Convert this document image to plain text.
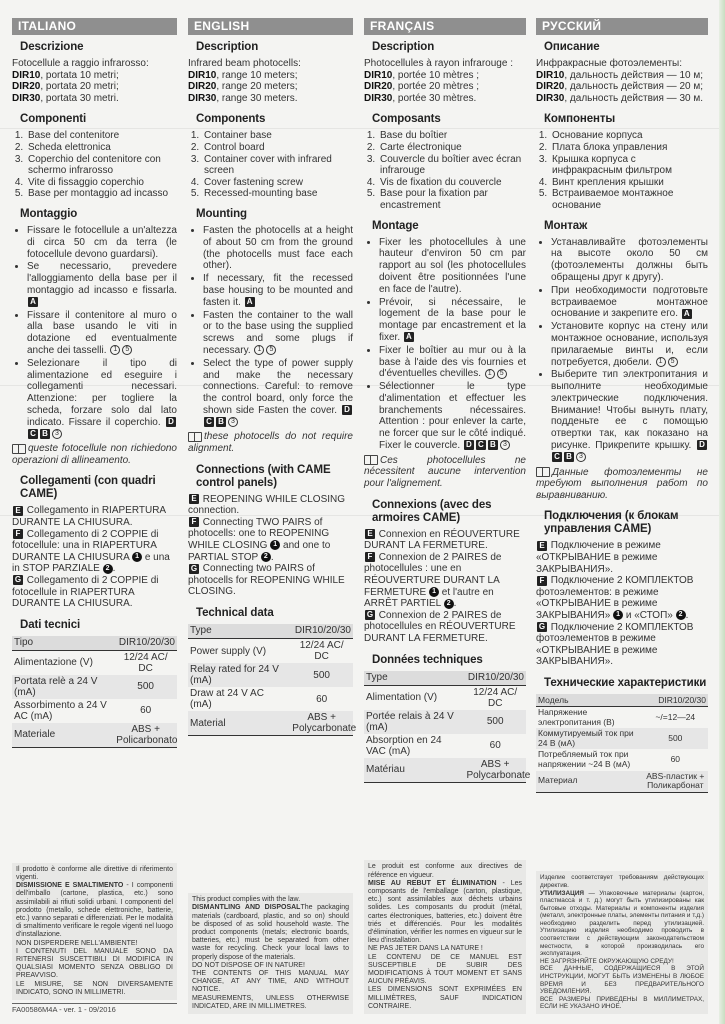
ITALIANO
Descrizione
Fotocellule a raggio infrarosso:
DIR10, portata 10 metri;
DIR20, portata 20 metri;
DIR30, portata 30 metri.
Componenti
1. Base del contenitore
2. Scheda elettronica
3. Coperchio del contenitore con schermo infrarosso
4. Vite di fissaggio coperchio
5. Base per montaggio ad incasso
Montaggio
• Fissare le fotocellule a un'altezza di circa 50 cm da terra (le fotocellule devono guardarsi).
• Se necessario, prevedere l'alloggiamento della base per il montaggio ad incasso e fissarla. A
• Fissare il contenitore al muro o alla base usando le viti in dotazione ed eventualmente anche dei tasselli. 1 5
• Selezionare il tipo di alimentazione ed eseguire i collegamenti necessari. Attenzione: per togliere la scheda, forzare solo dal lato indicato. Fissare il coperchio. DC B 3
queste fotocellule non richiedono operazioni di allineamento.
Collegamenti (con quadri CAME)
E Collegamento in RIAPERTURA DURANTE LA CHIUSURA.
F Collegamento di 2 COPPIE di fotocellule: una in RIAPERTURA DURANTE LA CHIUSURA 1 e una in STOP PARZIALE 2 .
G Collegamento di 2 COPPIE di fotocellule in RIAPERTURA DURANTE LA CHIUSURA.
Dati tecnici
Tipo	DIR10/20/30
Alimentazione (V)	12/24 AC/ DC
Portata relè a 24 V (mA)	500
Assorbimento a 24 V AC (mA)	60
Materiale	ABS + Policarbonato
Il prodotto è conforme alle direttive di riferimento vigenti.
DISMISSIONE E SMALTIMENTO - I componenti dell'imballo (cartone, plastica, etc.) sono assimilabili ai rifiuti solidi urbani. I componenti del prodotto (metallo, schede elettroniche, batterie, etc.) vanno separati e differenziati. Per le modalità di smaltimento verificare le regole vigenti nel luogo d'installazione.
NON DISPERDERE NELL'AMBIENTE!
I CONTENUTI DEL MANUALE SONO DA RITENERSI SUSCETTIBILI DI MODIFICA IN QUALSIASI MOMENTO SENZA OBBLIGO DI PREAVVISO.
LE MISURE, SE NON DIVERSAMENTE INDICATO, SONO IN MILLIMETRI.
FA00586M4A - ver. 1 - 09/2016
ENGLISH
Description
Infrared beam photocells:
DIR10, range 10 meters;
DIR20, range 20 meters;
DIR30, range 30 meters.
Components
1. Container base
2. Control board
3. Container cover with infrared screen
4. Cover fastening screw
5. Recessed-mounting base
Mounting
• Fasten the photocells at a height of about 50 cm from the ground (the photocells must face each other).
• If necessary, fit the recessed base housing to be mounted and fasten it. A
• Fasten the container to the wall or to the base using the supplied screws and some plugs if necessary. 1 5
• Select the type of power supply and make the necessary connections. Careful: to remove the control board, only force the shown side Fasten the cover. DC B 3
these photocells do not require alignment.
Connections (with CAME control panels)
E REOPENING WHILE CLOSING connection.
F Connecting TWO PAIRS of photocells: one to REOPENING WHILE CLOSING 1 and one to PARTIAL STOP 2 .
G Connecting two PAIRS of photocells for REOPENING WHILE CLOSING.
Technical data
Type	DIR10/20/30
Power supply (V)	12/24 AC/ DC
Relay rated for 24 V (mA)	500
Draw at 24 V AC (mA)	60
Material	ABS + Polycarbonate
This product complies with the law.
DISMANTLING AND DISPOSALThe packaging materials (cardboard, plastic, and so on) should be disposed of as solid household waste. The product components (metals; electronic boards, batteries, etc.) must be separated from other waste for recycling. Check your local laws to properly dispose of the materials.
DO NOT DISPOSE OF IN NATURE!
THE CONTENTS OF THIS MANUAL MAY CHANGE, AT ANY TIME, AND WITHOUT NOTICE.
MEASUREMENTS, UNLESS OTHERWISE INDICATED, ARE IN MILLIMETRES.
FRANÇAIS
Description
Photocellules à rayon infrarouge :
DIR10, portée 10 mètres ;
DIR20, portée 20 mètres ;
DIR30, portée 30 mètres.
Composants
1. Base du boîtier
2. Carte électronique
3. Couvercle du boîtier avec écran infrarouge
4. Vis de fixation du couvercle
5. Base pour la fixation par encastrement
Montage
• Fixer les photocellules à une hauteur d'environ 50 cm par rapport au sol (les photocellules doivent être positionnées l'une en face de l'autre).
• Prévoir, si nécessaire, le logement de la base pour le montage par encastrement et la fixer. A
• Fixer le boîtier au mur ou à la base à l'aide des vis fournies et d'éventuelles chevilles. 1 5
• Sélectionner le type d'alimentation et effectuer les branchements nécessaires. Attention : pour enlever la carte, ne forcer que sur le côté indiqué. Fixer le couvercle. D C B 3
Ces photocellules ne nécessitent aucune intervention pour l'alignement.
Connexions (avec des armoires CAME)
E Connexion en RÉOUVERTURE DURANT LA FERMETURE.
F Connexion de 2 PAIRES de photocellules : une en RÉOUVERTURE DURANT LA FERMETURE 1 et l'autre en ARRÊT PARTIEL 2 .
G Connexion de 2 PAIRES de photocellules en RÉOUVERTURE DURANT LA FERMETURE.
Données techniques
Type	DIR10/20/30
Alimentation (V)	12/24 AC/ DC
Portée relais à 24 V (mA)	500
Absorption en 24 VAC (mA)	60
Matériau	ABS + Polycarbonate
Le produit est conforme aux directives de référence en vigueur.
MISE AU REBUT ET ÉLIMINATION - Les composants de l'emballage (carton, plastique, etc.) sont assimilables aux déchets urbains solides. Les composants du produit (métal, cartes électroniques, batteries, etc.) doivent être triés et différenciés. Pour les modalités d'élimination, vérifier les normes en vigueur sur le lieu d'installation.
NE PAS JETER DANS LA NATURE !
LE CONTENU DE CE MANUEL EST SUSCEPTIBLE DE SUBIR DES MODIFICATIONS À TOUT MOMENT ET SANS AUCUN PRÉAVIS.
LES DIMENSIONS SONT EXPRIMÉES EN MILLIMÈTRES, SAUF INDICATION CONTRAIRE.
РУССКИЙ
Описание
Инфракрасные фотоэлементы:
DIR10, дальность действия — 10 м;
DIR20, дальность действия — 20 м;
DIR30, дальность действия — 30 м.
Компоненты
1. Основание корпуса
2. Плата блока управления
3. Крышка корпуса с инфракрасным фильтром
4. Винт крепления крышки
5. Встраиваемое монтажное основание
Монтаж
• Устанавливайте фотоэлементы на высоте около 50 см (фотоэлементы должны быть обращены друг к другу).
• При необходимости подготовьте встраиваемое монтажное основание и закрепите его. A
• Установите корпус на стену или монтажное основание, используя прилагаемые винты и, если потребуется, дюбели. 1 5
• Выберите тип электропитания и выполните необходимые электрические подключения. Внимание! Чтобы вынуть плату, подденьте ее с помощью отвертки так, как показано на рисунке. Прикрепите крышку. DC B 3
Данные фотоэлементы не требуют выполнения работ по выравниванию.
Подключения (к блокам управления CAME)
E Подключение в режиме «ОТКРЫВАНИЕ в режиме ЗАКРЫВАНИЯ».
F Подключение 2 КОМПЛЕКТОВ фотоэлементов: в режиме «ОТКРЫВАНИЕ в режиме ЗАКРЫВАНИЯ» 1 и «СТОП» 2 .
G Подключение 2 КОМПЛЕКТОВ фотоэлементов в режиме «ОТКРЫВАНИЕ в режиме ЗАКРЫВАНИЯ».
Технические характеристики
Модель	DIR10/20/30
Напряжение электропитания (В)	~/=12—24
Коммутируемый ток при 24 В (мА)	500
Потребляемый ток при напряжении ~24 В (мА)	60
Материал	ABS-пластик + Поликарбонат
Изделие соответствует требованиям действующих директив.
УТИЛИЗАЦИЯ — Упаковочные материалы (картон, пластмасса и т. д.) могут быть утилизированы как бытовые отходы. Материалы и компоненты изделия (металл, электронные платы, элементы питания и т.д.) необходимо разделить перед утилизацией. Утилизацию изделия необходимо проводить в соответствии с действующим законодательством местности, в которой производилась его эксплуатация.
НЕ ЗАГРЯЗНЯЙТЕ ОКРУЖАЮЩУЮ СРЕДУ!
ВСЕ ДАННЫЕ, СОДЕРЖАЩИЕСЯ В ЭТОЙ ИНСТРУКЦИИ, МОГУТ БЫТЬ ИЗМЕНЕНЫ В ЛЮБОЕ ВРЕМЯ И БЕЗ ПРЕДВАРИТЕЛЬНОГО УВЕДОМЛЕНИЯ.
ВСЕ РАЗМЕРЫ ПРИВЕДЕНЫ В МИЛЛИМЕТРАХ, ЕСЛИ НЕ УКАЗАНО ИНОЕ.
